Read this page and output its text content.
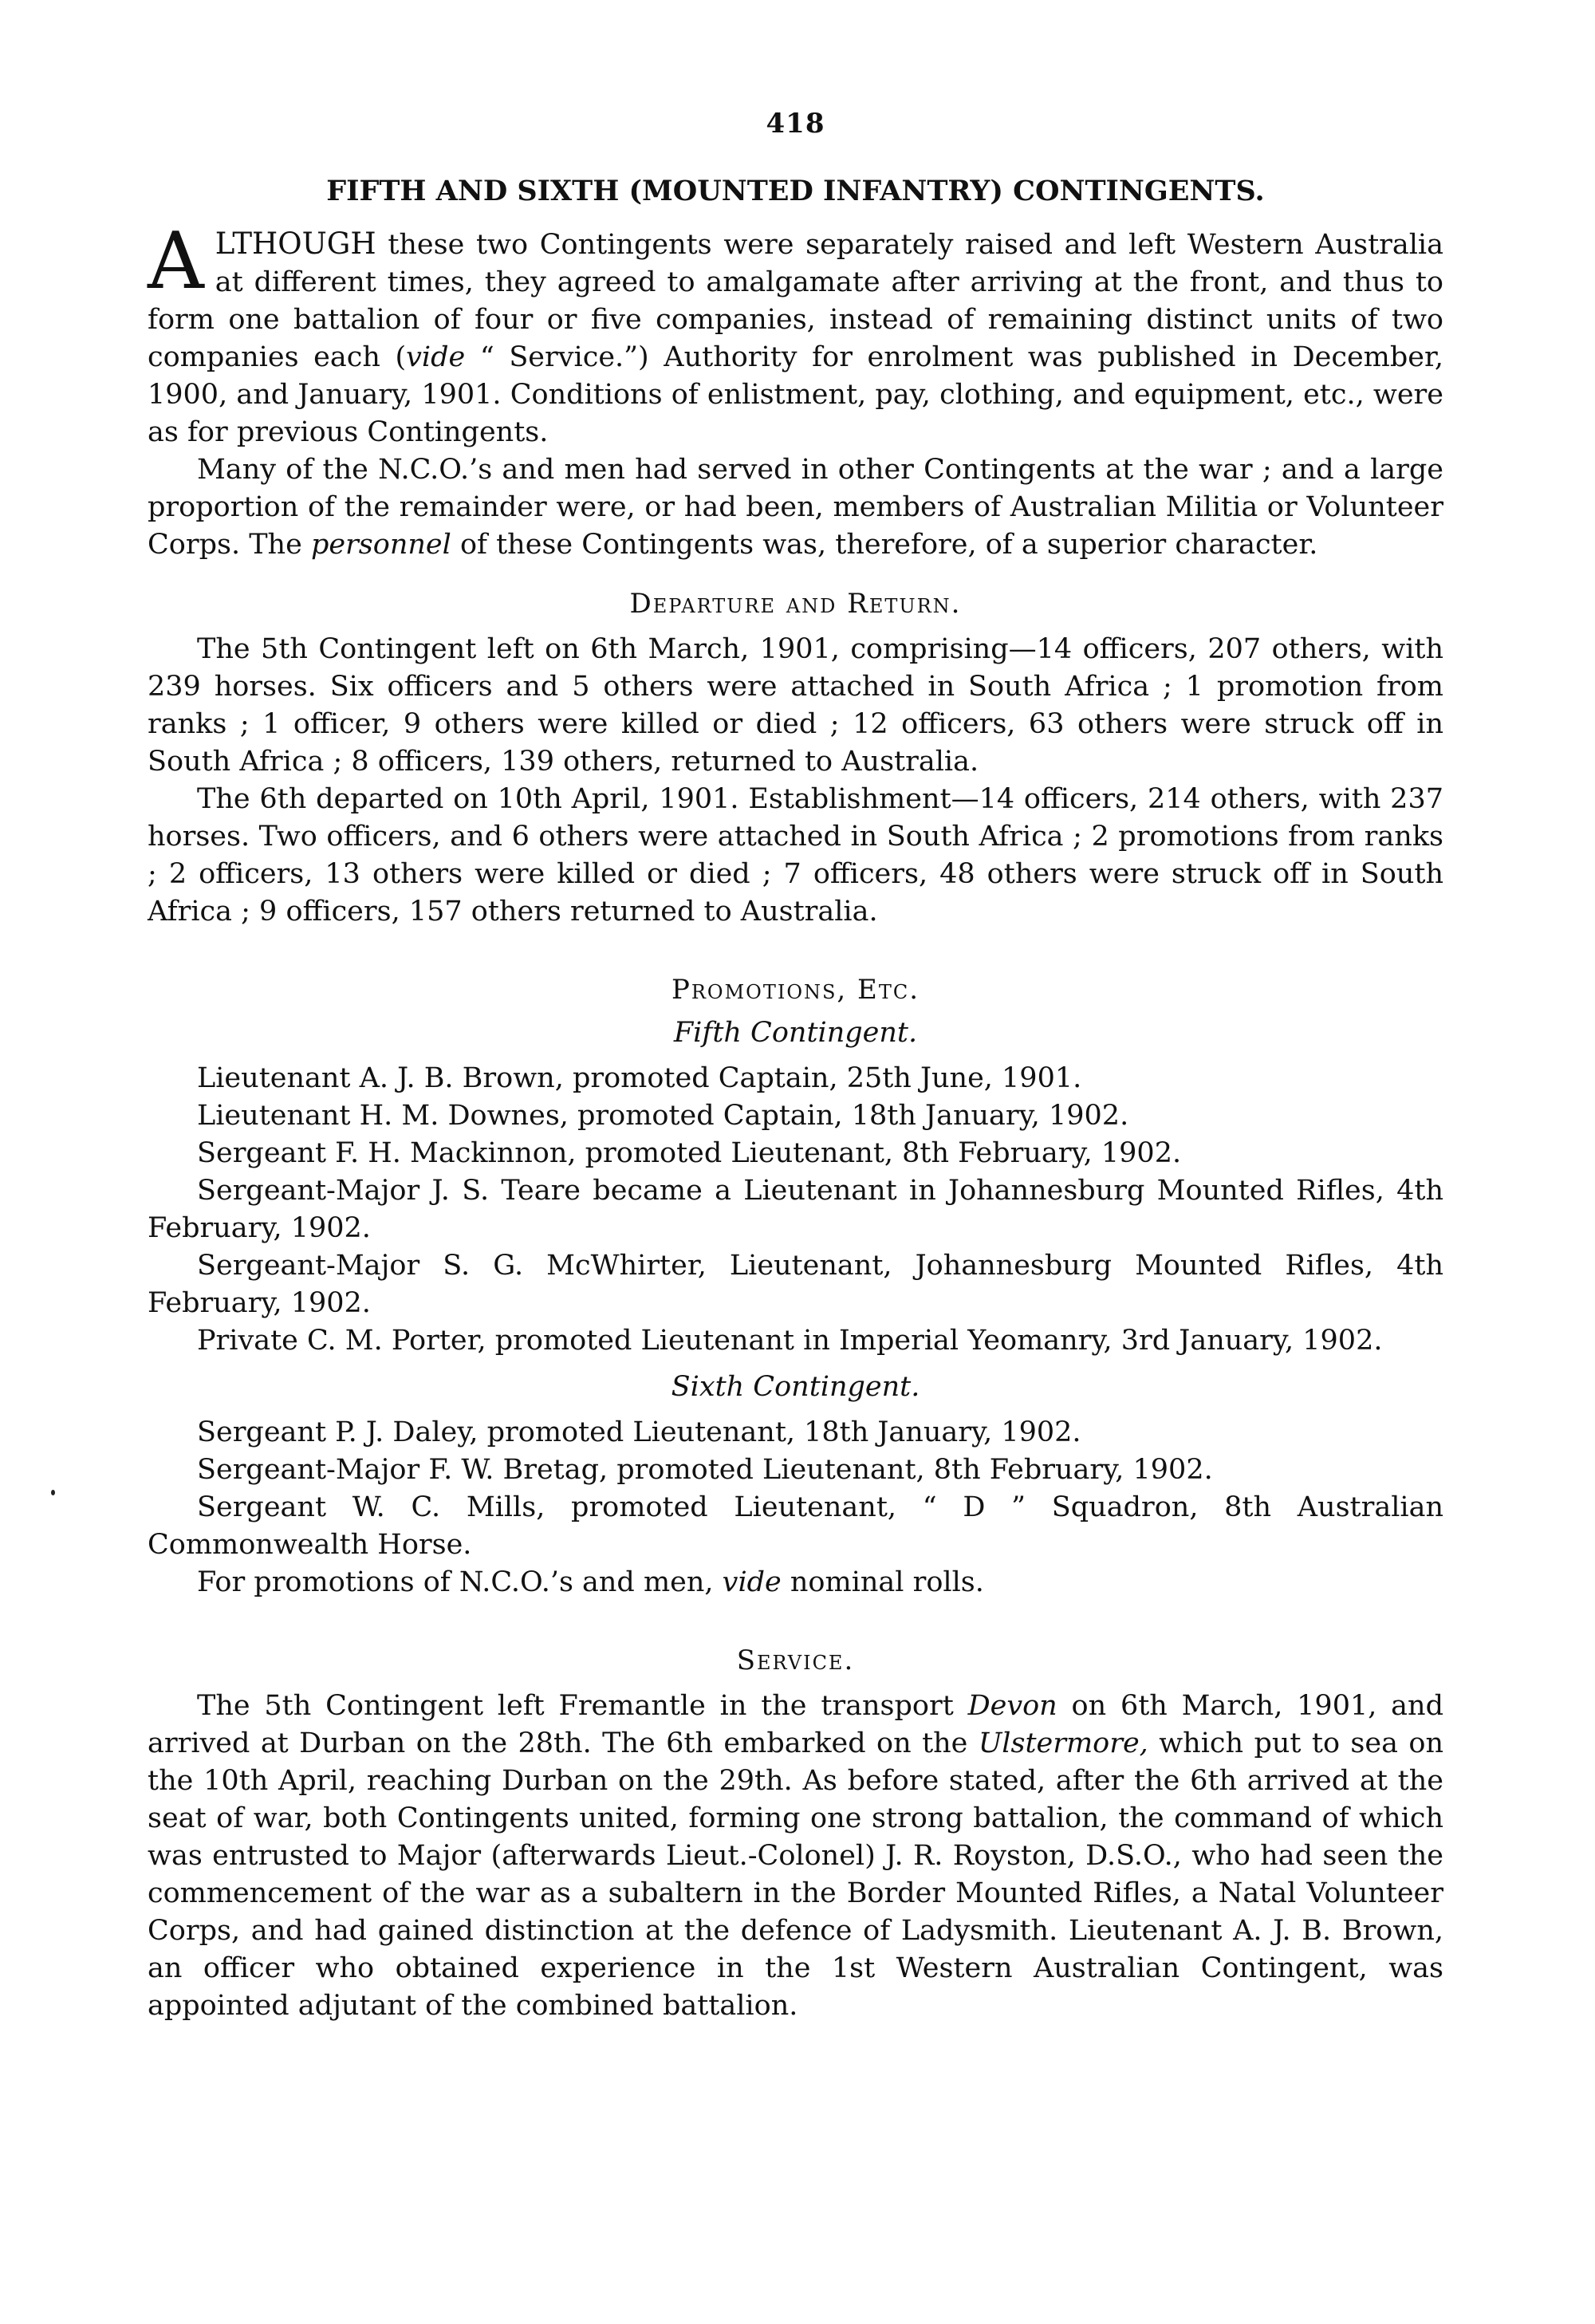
418
FIFTH AND SIXTH (MOUNTED INFANTRY) CONTINGENTS.

ALTHOUGH these two Contingents were separately raised and left Western Australia at different times, they agreed to amalgamate after arriving at the front, and thus to form one battalion of four or five companies, instead of remaining distinct units of two companies each (vide “ Service.”) Authority for enrolment was published in December, 1900, and January, 1901. Conditions of enlistment, pay, clothing, and equipment, etc., were as for previous Contingents.

Many of the N.C.O.’s and men had served in other Contingents at the war ; and a large proportion of the remainder were, or had been, members of Australian Militia or Volunteer Corps. The personnel of these Contingents was, therefore, of a superior character.

Departure and Return.

The 5th Contingent left on 6th March, 1901, comprising—14 officers, 207 others, with 239 horses. Six officers and 5 others were attached in South Africa ; 1 promotion from ranks ; 1 officer, 9 others were killed or died ; 12 officers, 63 others were struck off in South Africa ; 8 officers, 139 others, returned to Australia.

The 6th departed on 10th April, 1901. Establishment—14 officers, 214 others, with 237 horses. Two officers, and 6 others were attached in South Africa ; 2 promotions from ranks ; 2 officers, 13 others were killed or died ; 7 officers, 48 others were struck off in South Africa ; 9 officers, 157 others returned to Australia.

Promotions, Etc.
Fifth Contingent.

Lieutenant A. J. B. Brown, promoted Captain, 25th June, 1901.

Lieutenant H. M. Downes, promoted Captain, 18th January, 1902.

Sergeant F. H. Mackinnon, promoted Lieutenant, 8th February, 1902.

Sergeant-Major J. S. Teare became a Lieutenant in Johannesburg Mounted Rifles, 4th February, 1902.

Sergeant-Major S. G. McWhirter, Lieutenant, Johannesburg Mounted Rifles, 4th February, 1902.

Private C. M. Porter, promoted Lieutenant in Imperial Yeomanry, 3rd January, 1902.

Sixth Contingent.

Sergeant P. J. Daley, promoted Lieutenant, 18th January, 1902.

Sergeant-Major F. W. Bretag, promoted Lieutenant, 8th February, 1902.

Sergeant W. C. Mills, promoted Lieutenant, “ D ” Squadron, 8th Australian Commonwealth Horse.

For promotions of N.C.O.’s and men, vide nominal rolls.

Service.

The 5th Contingent left Fremantle in the transport Devon on 6th March, 1901, and arrived at Durban on the 28th. The 6th embarked on the Ulstermore, which put to sea on the 10th April, reaching Durban on the 29th. As before stated, after the 6th arrived at the seat of war, both Contingents united, forming one strong battalion, the command of which was entrusted to Major (afterwards Lieut.-Colonel) J. R. Royston, D.S.O., who had seen the commencement of the war as a subaltern in the Border Mounted Rifles, a Natal Volunteer Corps, and had gained distinction at the defence of Ladysmith. Lieutenant A. J. B. Brown, an officer who obtained experience in the 1st Western Australian Contingent, was appointed adjutant of the combined battalion.
